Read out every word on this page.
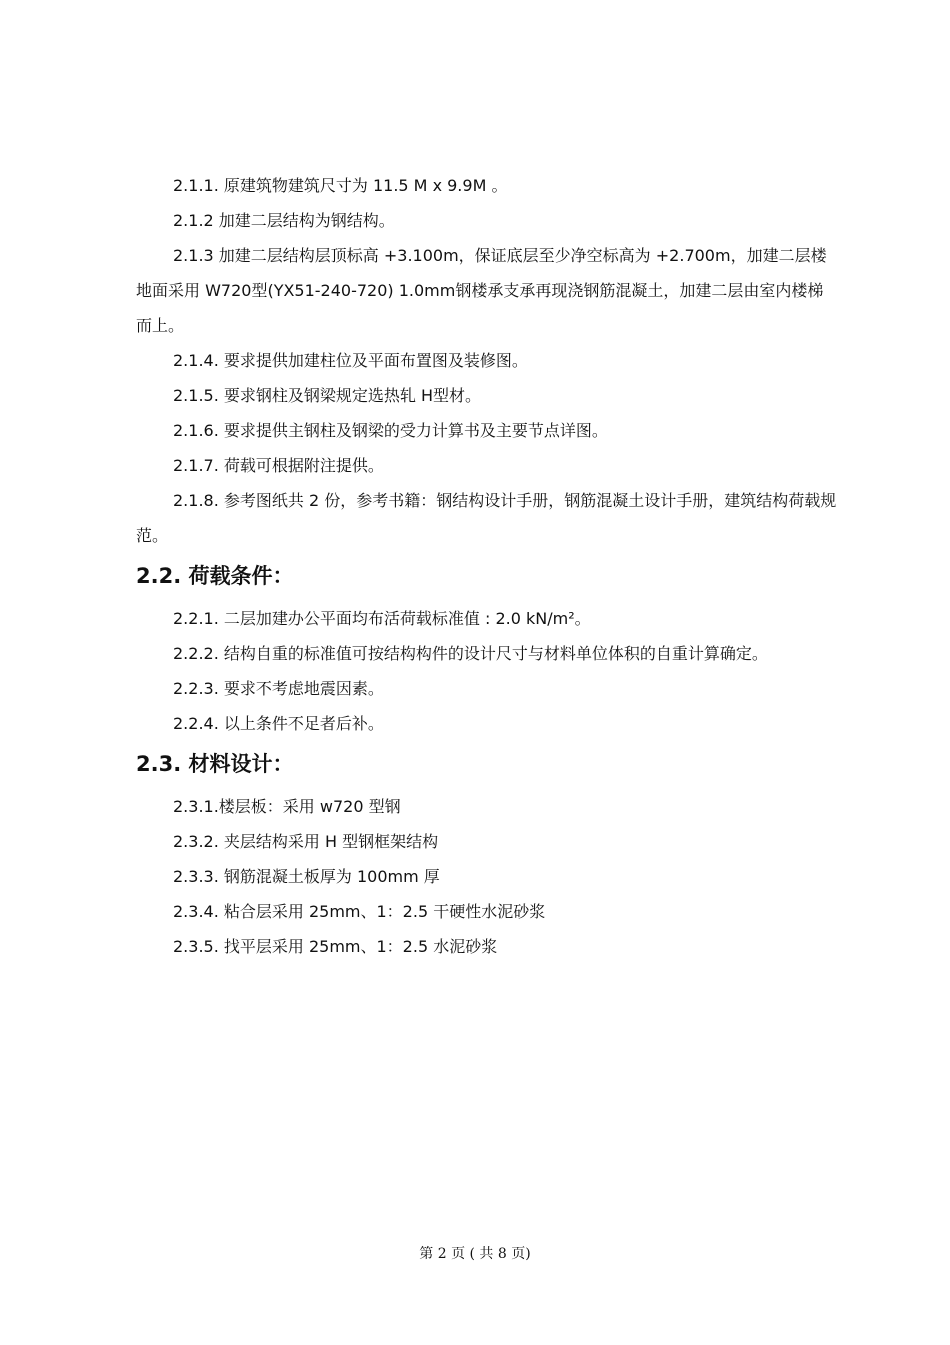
2.1.1. 原建筑物建筑尺寸为 11.5 M x 9.9M 。

2.1.2 加建二层结构为钢结构。

2.1.3 加建二层结构层顶标高 +3.100m，保证底层至少净空标高为 +2.700m，加建二层楼地面采用 W720型(YX51-240-720) 1.0mm钢楼承支承再现浇钢筋混凝土，加建二层由室内楼梯而上。

2.1.4. 要求提供加建柱位及平面布置图及装修图。

2.1.5. 要求钢柱及钢梁规定选热轧 H型材。

2.1.6. 要求提供主钢柱及钢梁的受力计算书及主要节点详图。

2.1.7. 荷载可根据附注提供。

2.1.8. 参考图纸共 2 份，参考书籍：钢结构设计手册，钢筋混凝土设计手册，建筑结构荷载规范。

2.2. 荷载条件：

2.2.1. 二层加建办公平面均布活荷载标准值 : 2.0 kN/m²。

2.2.2. 结构自重的标准值可按结构构件的设计尺寸与材料单位体积的自重计算确定。

2.2.3. 要求不考虑地震因素。

2.2.4. 以上条件不足者后补。

2.3. 材料设计：

2.3.1.楼层板：采用 w720 型钢

2.3.2. 夹层结构采用 H 型钢框架结构

2.3.3. 钢筋混凝土板厚为 100mm 厚

2.3.4. 粘合层采用 25mm、1：2.5 干硬性水泥砂浆

2.3.5. 找平层采用 25mm、1：2.5 水泥砂浆

第 2 页 ( 共 8 页)
